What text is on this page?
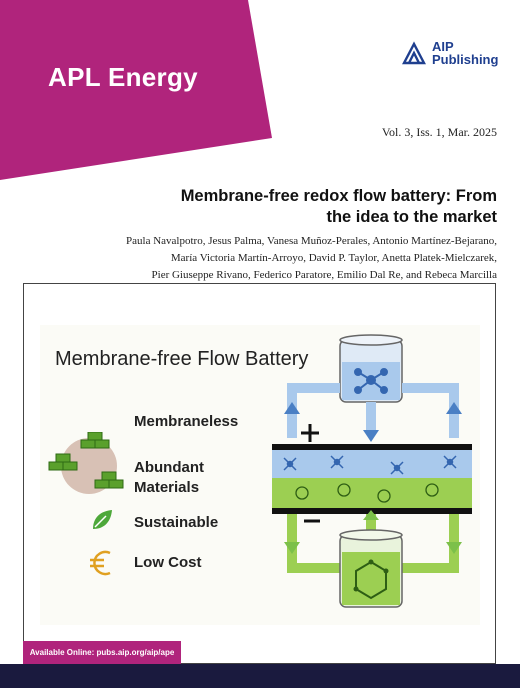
APL Energy
AIP
Publishing
Vol. 3, Iss. 1, Mar. 2025
Membrane-free redox flow battery: From
the idea to the market
Paula Navalpotro, Jesus Palma, Vanesa Muñoz-Perales, Antonio Martínez-Bejarano,
María Victoria Martín-Arroyo, David P. Taylor, Anetta Platek-Mielczarek,
Pier Giuseppe Rivano, Federico Paratore, Emilio Dal Re, and Rebeca Marcilla
Membrane-free Flow Battery
Membraneless
Abundant
Materials
Sustainable
Low Cost
Available Online: pubs.aip.org/aip/ape
